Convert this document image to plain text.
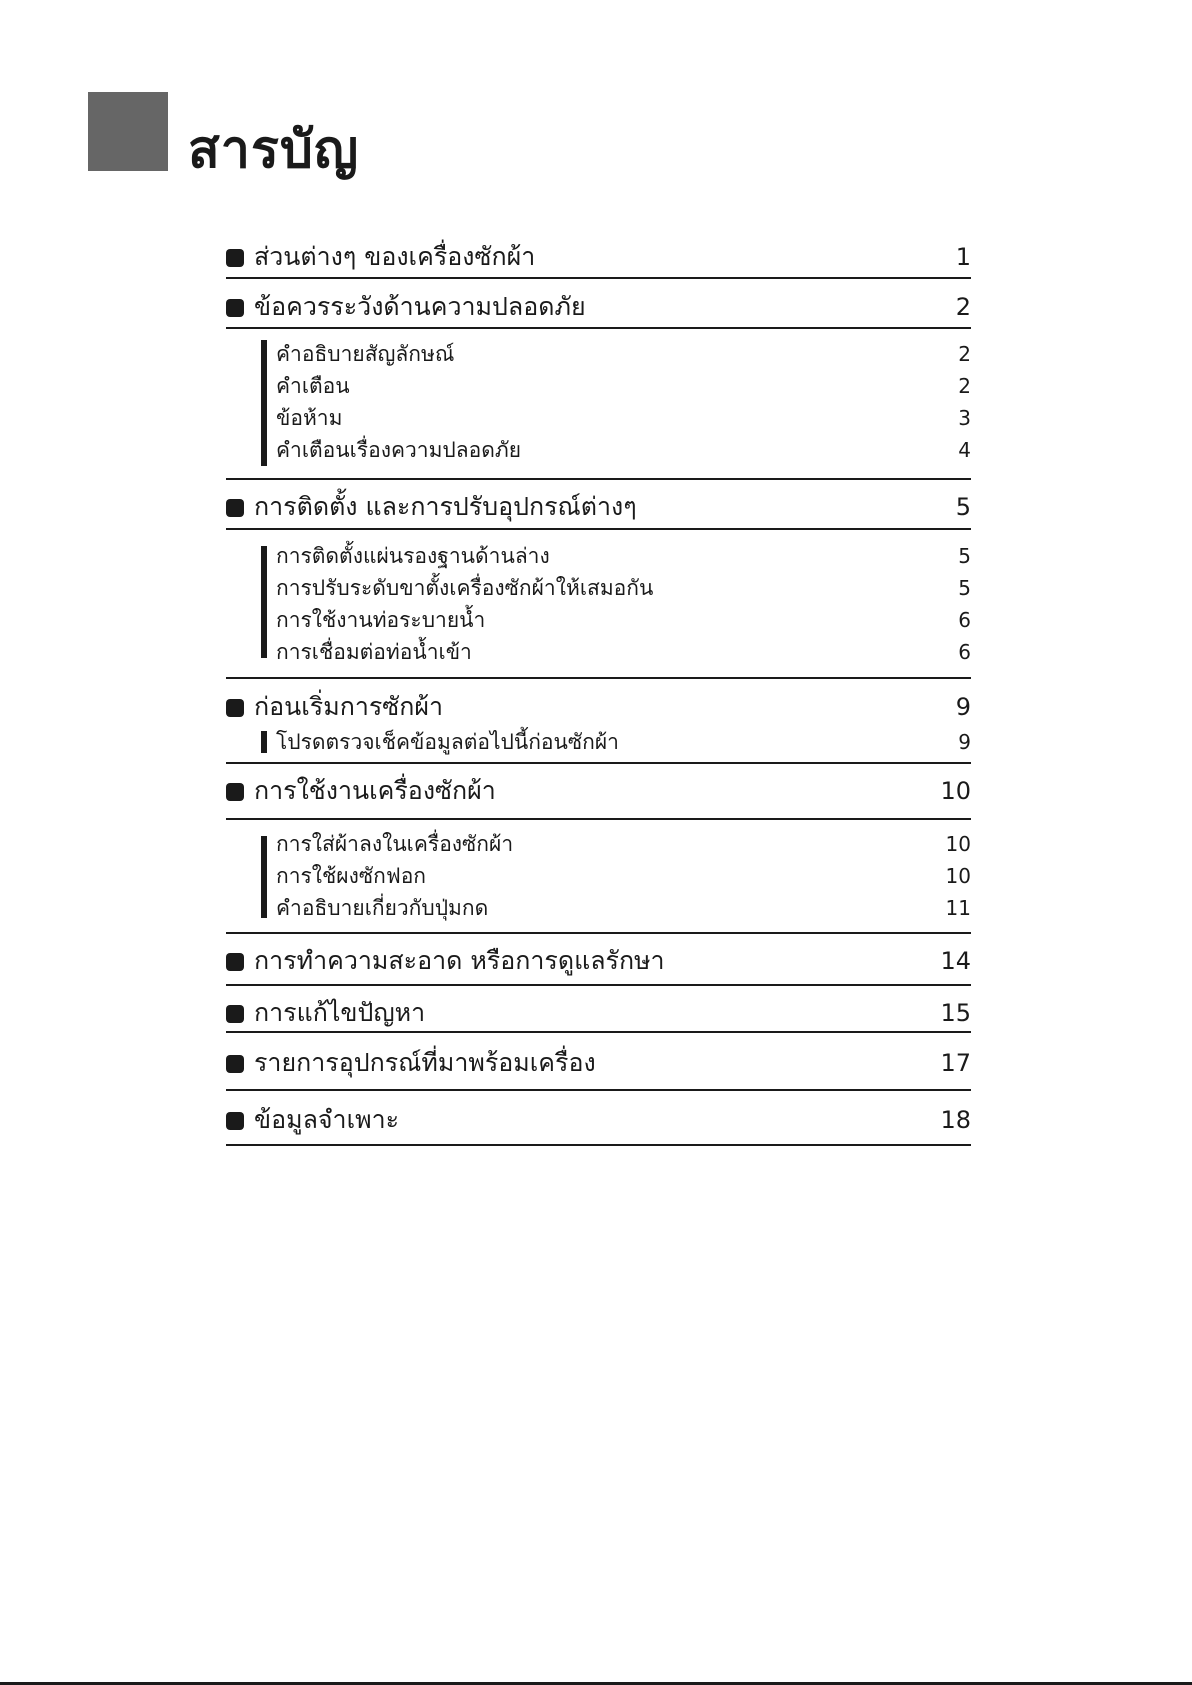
สารบัญ
ส่วนต่างๆ ของเครื่องซักผ้า	1
ข้อควรระวังด้านความปลอดภัย	2
คำอธิบายสัญลักษณ์	2
คำเตือน	2
ข้อห้าม	3
คำเตือนเรื่องความปลอดภัย	4
การติดตั้ง และการปรับอุปกรณ์ต่างๆ	5
การติดตั้งแผ่นรองฐานด้านล่าง	5
การปรับระดับขาตั้งเครื่องซักผ้าให้เสมอกัน	5
การใช้งานท่อระบายน้ำ	6
การเชื่อมต่อท่อน้ำเข้า	6
ก่อนเริ่มการซักผ้า	9
โปรดตรวจเช็คข้อมูลต่อไปนี้ก่อนซักผ้า	9
การใช้งานเครื่องซักผ้า	10
การใส่ผ้าลงในเครื่องซักผ้า	10
การใช้ผงซักฟอก	10
คำอธิบายเกี่ยวกับปุ่มกด	11
การทำความสะอาด หรือการดูแลรักษา	14
การแก้ไขปัญหา	15
รายการอุปกรณ์ที่มาพร้อมเครื่อง	17
ข้อมูลจำเพาะ	18
